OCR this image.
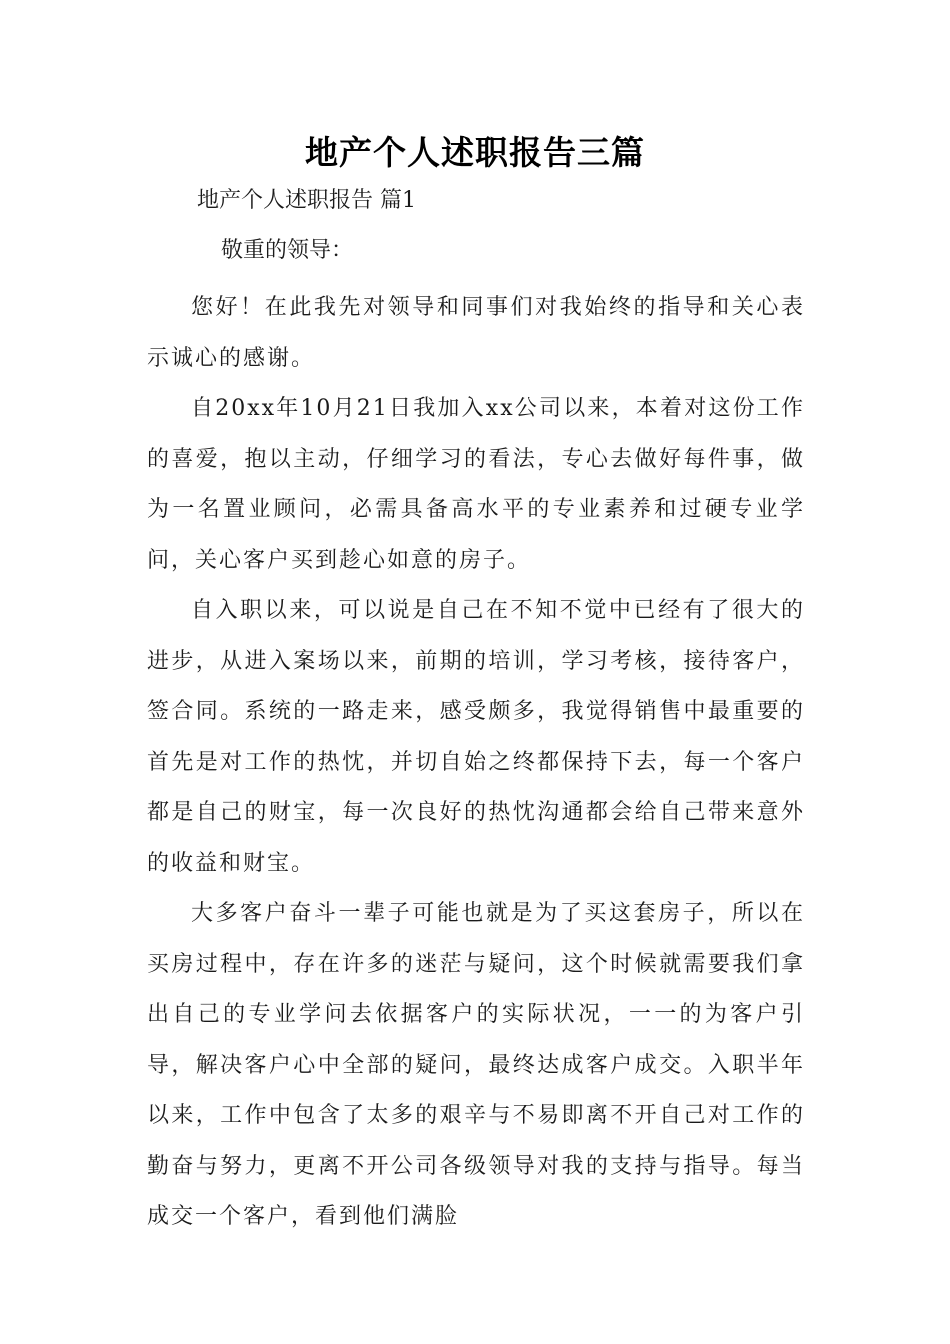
地产个人述职报告三篇
地产个人述职报告 篇1
敬重的领导：

您好！在此我先对领导和同事们对我始终的指导和关心表示诚心的感谢。

自20xx年10月21日我加入xx公司以来，本着对这份工作的喜爱，抱以主动，仔细学习的看法，专心去做好每件事，做为一名置业顾问，必需具备高水平的专业素养和过硬专业学问，关心客户买到趁心如意的房子。

自入职以来，可以说是自己在不知不觉中已经有了很大的进步，从进入案场以来，前期的培训，学习考核，接待客户，签合同。系统的一路走来，感受颇多，我觉得销售中最重要的首先是对工作的热忱，并切自始之终都保持下去，每一个客户都是自己的财宝，每一次良好的热忱沟通都会给自己带来意外的收益和财宝。

大多客户奋斗一辈子可能也就是为了买这套房子，所以在买房过程中，存在许多的迷茫与疑问，这个时候就需要我们拿出自己的专业学问去依据客户的实际状况，一一的为客户引导，解决客户心中全部的疑问，最终达成客户成交。入职半年以来，工作中包含了太多的艰辛与不易即离不开自己对工作的勤奋与努力，更离不开公司各级领导对我的支持与指导。每当成交一个客户，看到他们满脸
